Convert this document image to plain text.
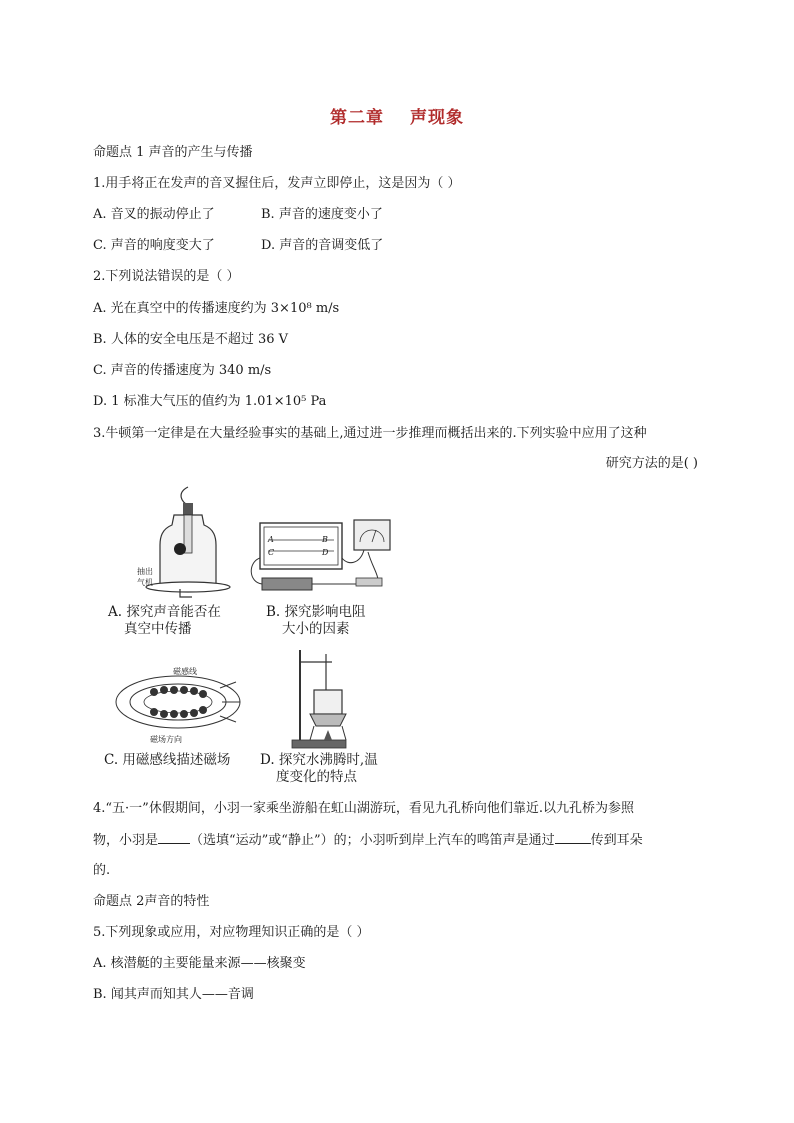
第二章 声现象
命题点 1 声音的产生与传播
1.用手将正在发声的音叉握住后，发声立即停止，这是因为（ ）
A. 音叉的振动停止了	B. 声音的速度变小了
C. 声音的响度变大了	D. 声音的音调变低了
2.下列说法错误的是（ ）
A. 光在真空中的传播速度约为 3×10⁸ m/s
B. 人体的安全电压是不超过 36 V
C. 声音的传播速度为 340 m/s
D. 1 标准大气压的值约为 1.01×10⁵ Pa
3.牛顿第一定律是在大量经验事实的基础上,通过进一步推理而概括出来的.下列实验中应用了这种
研究方法的是( )
抽出
气机
A. 探究声音能否在
真空中传播
A	B
C	D
B. 探究影响电阻
大小的因素
磁感线
磁场方向
C. 用磁感线描述磁场 D. 探究水沸腾时,温
度变化的特点
4.“五·一”休假期间，小羽一家乘坐游船在虹山湖游玩，看见九孔桥向他们靠近.以九孔桥为参照
物，小羽是 （选填“运动”或“静止”）的；小羽听到岸上汽车的鸣笛声是通过	传到耳朵
的.
命题点 2声音的特性
5.下列现象或应用，对应物理知识正确的是（ ）
A. 核潜艇的主要能量来源——核聚变
B. 闻其声而知其人——音调
